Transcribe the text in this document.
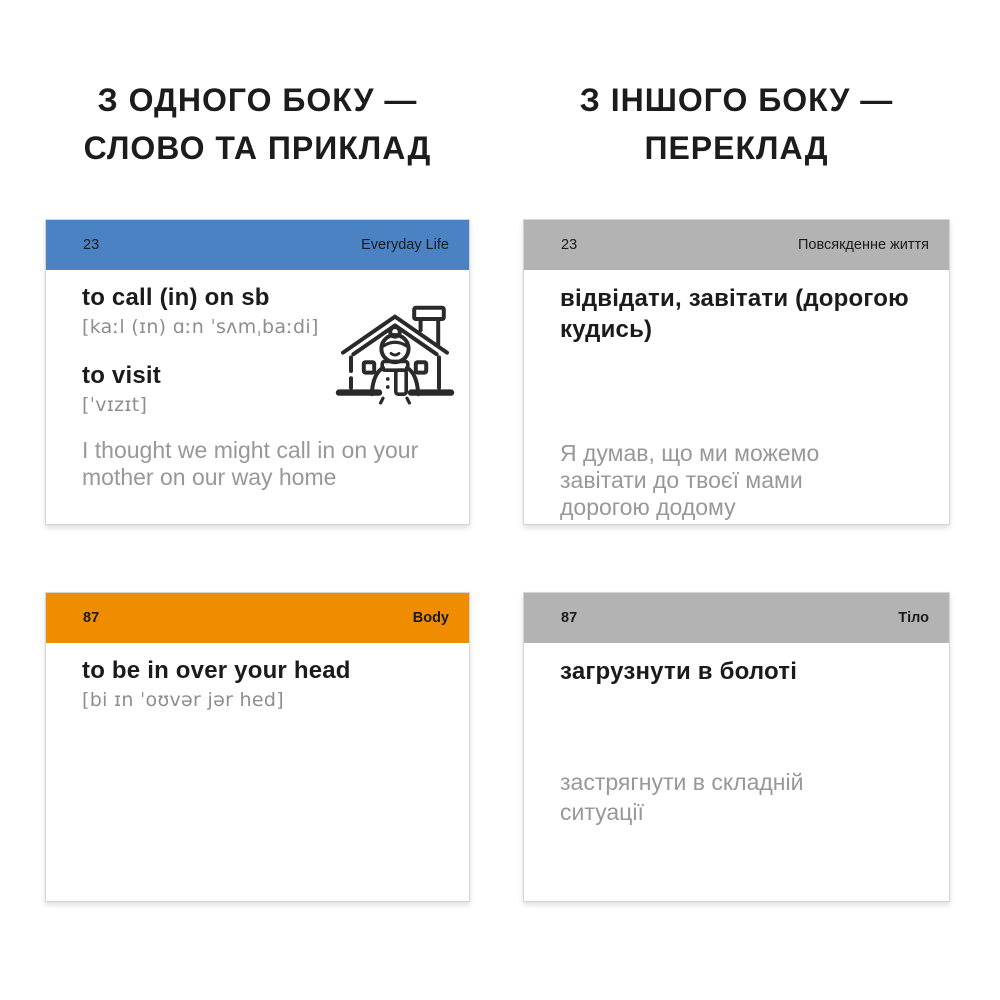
З ОДНОГО БОКУ —
СЛОВО ТА ПРИКЛАД
З ІНШОГО БОКУ —
ПЕРЕКЛАД
23	Everyday Life
to call (in) on sb
[kaːl (ɪn) ɑːn ˈsʌmˌbaːdi]
to visit
[ˈvɪzɪt]
I thought we might call in on your mother on our way home
23	Повсякденне життя
відвідати, завітати (дорогою кудись)
Я думав, що ми можемо завітати до твоєї мами дорогою додому
87	Body
to be in over your head
[bi ɪn ˈoʊvər jər hed]
87	Тіло
загрузнути в болоті
застрягнути в складній ситуації
